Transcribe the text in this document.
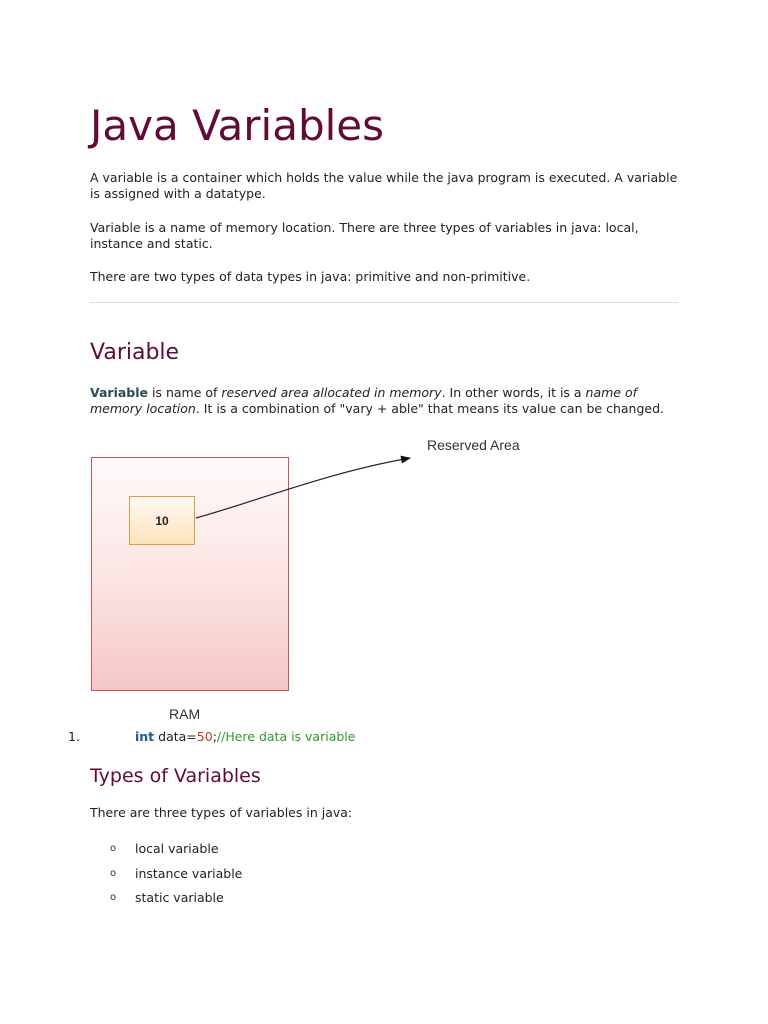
Java Variables

A variable is a container which holds the value while the java program is executed. A variable is assigned with a datatype.

Variable is a name of memory location. There are three types of variables in java: local, instance and static.

There are two types of data types in java: primitive and non-primitive.

Variable

Variable is name of reserved area allocated in memory. In other words, it is a name of memory location. It is a combination of "vary + able" that means its value can be changed.

10
Reserved Area
RAM
1.	int data=50;//Here data is variable
Types of Variables

There are three types of variables in java:

o	local variable
o	instance variable
o	static variable
